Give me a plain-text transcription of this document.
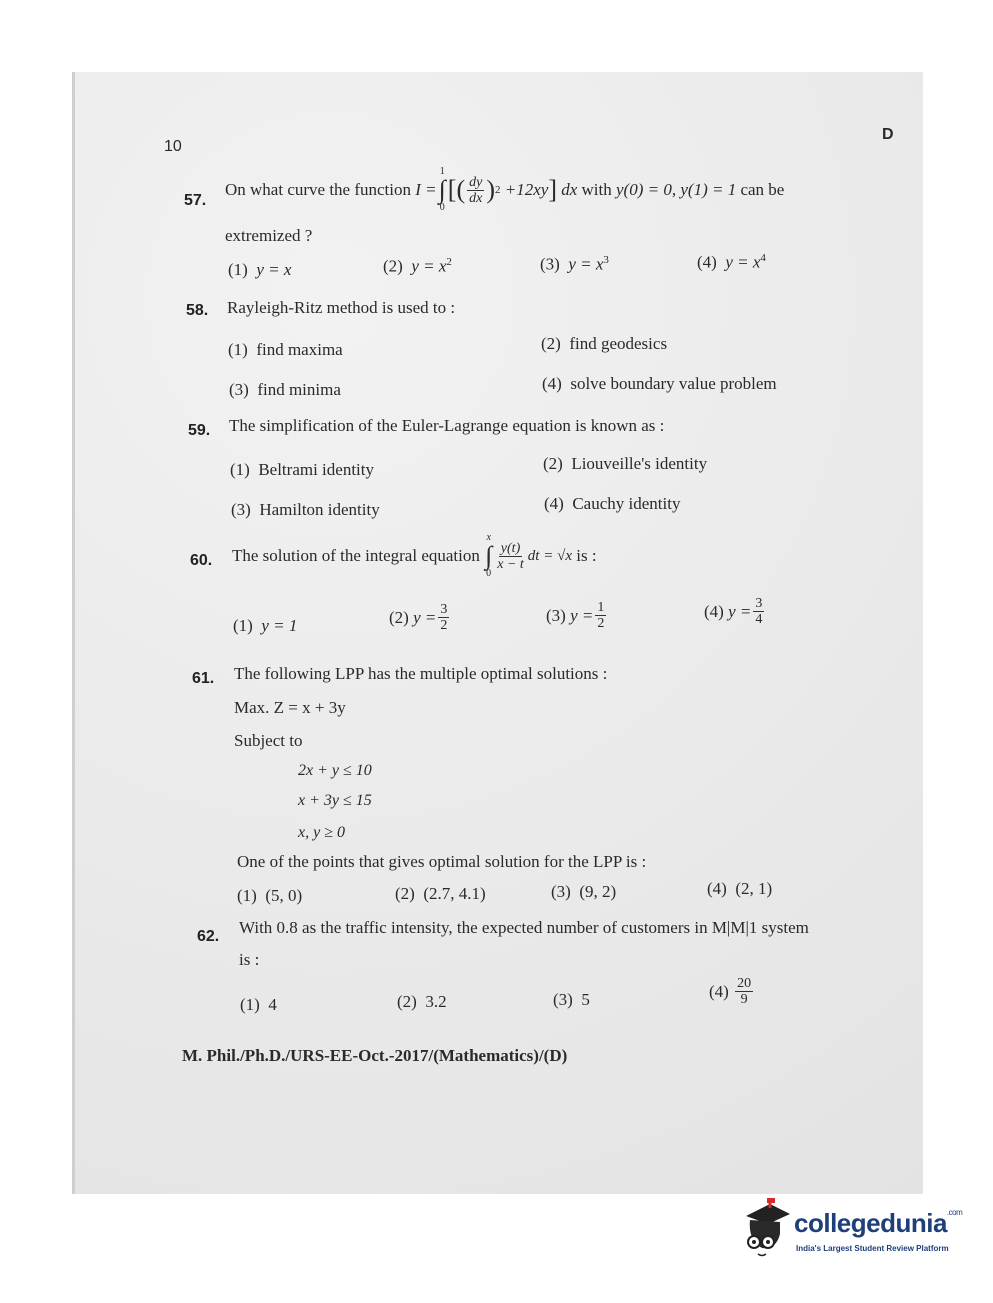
10
D
57.
On what curve the function
I =
1
∫
0
[ ( $\frac{dy}{dx}$ ) 2
+12xy ]
dx
with
y(0) = 0,
y(1) = 1
can be
extremized ?
(1) y = x	(2) $y = x^2$	(3) $y = x^3$	(4) $y = x^4$
58. Rayleigh-Ritz method is used to :
(1) find maxima	(2) find geodesics
(3) find minima	(4) solve boundary value problem
59. The simplification of the Euler-Lagrange equation is known as :
(1) Beltrami identity	(2) Liouveille's identity
(3) Hamilton identity	(4) Cauchy identity
60. The solution of the integral equation

x
∫
0
$\frac{y(t)}{x - t}$ dt = √x
is :
(1) y = 1	(2)
$y = \frac{3}{2}$	(3)
$y = \frac{1}{2}$	(4)
$y = \frac{3}{4}$
61. The following LPP has the multiple optimal solutions :
Max. Z = x + 3y
Subject to
2x + y ≤ 10
x + 3y ≤ 15
x, y ≥ 0
One of the points that gives optimal solution for the LPP is :
(1) (5, 0)	(2) (2.7, 4.1)	(3) (9, 2)	(4) (2, 1)
62. With 0.8 as the traffic intensity, the expected number of customers in M|M|1 system
is :
(1) 4	(2) 3.2	(3) 5	(4)
$\frac{20}{9}$
M. Phil./Ph.D./URS-EE-Oct.-2017/(Mathematics)/(D)
collegedunia$^{.com}$
India's Largest Student Review Platform
